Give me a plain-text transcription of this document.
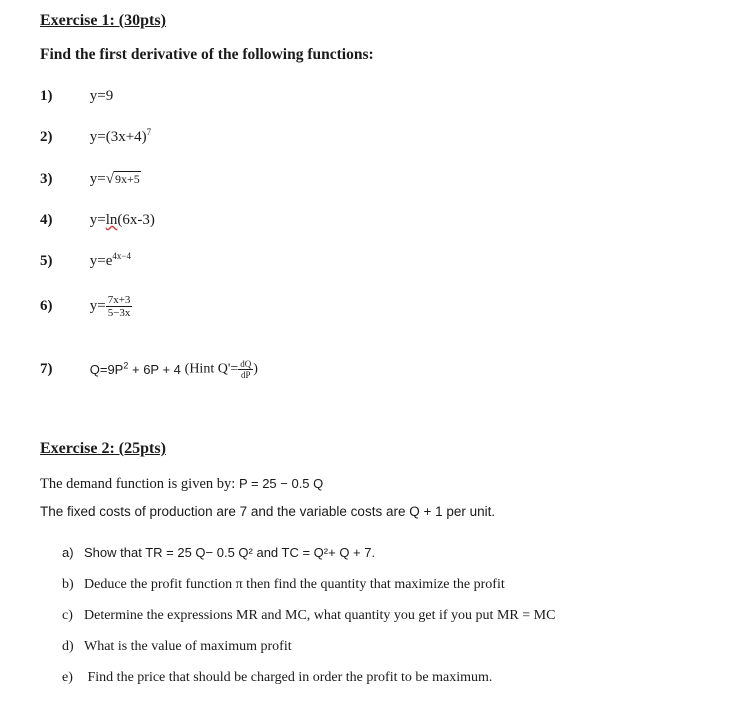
Exercise 1: (30pts)
Find the first derivative of the following functions:
1) y=9
2) $y=(3x+4)^7$
3) y=√9x+5
4) y=ln(6x-3)
5) $y=e^{4x-4}$
6) $y= \frac{7x+3}{5-3x}$
7)	$Q=9P^2 + 6P + 4$ (Hint $Q'= \frac{dQ}{dP}$ )
Exercise 2: (25pts)
The demand function is given by: P = 25 − 0.5 Q
The fixed costs of production are 7 and the variable costs are Q + 1 per unit.
a) Show that TR = 25 Q− 0.5 Q² and TC = Q²+ Q + 7.
b) Deduce the profit function π then find the quantity that maximize the profit
c) Determine the expressions MR and MC, what quantity you get if you put MR = MC
d) What is the value of maximum profit
e) Find the price that should be charged in order the profit to be maximum.
